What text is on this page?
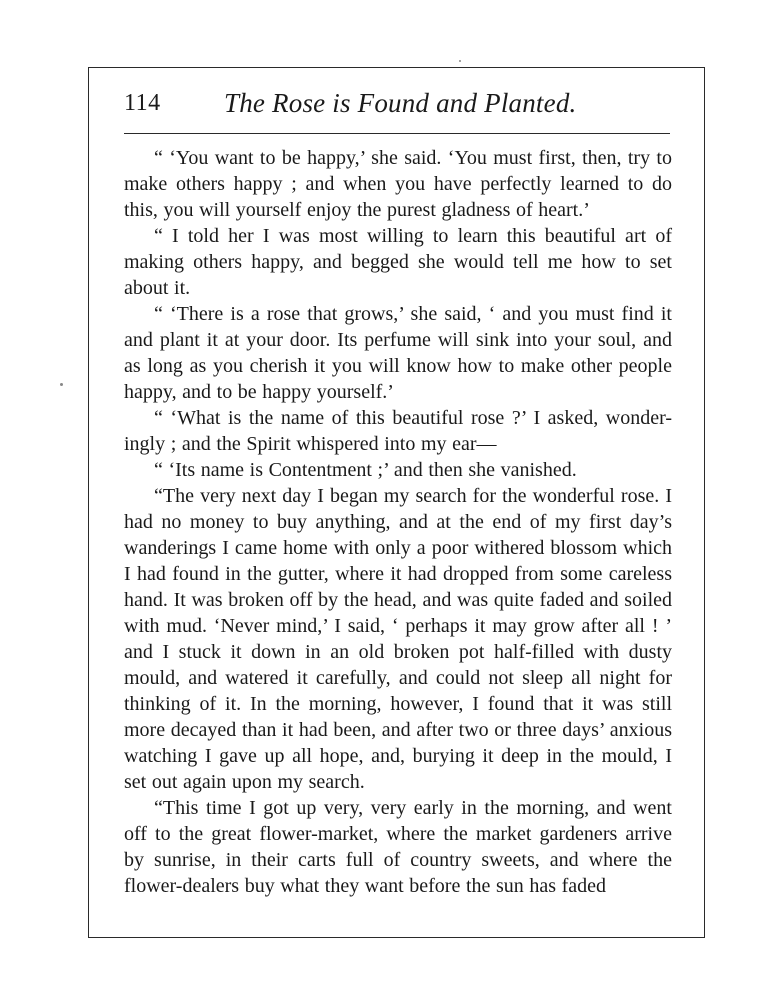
114 The Rose is Found and Planted.

“ ‘You want to be happy,’ she said. ‘You must first, then, try to make others happy ; and when you have perfectly learned to do this, you will yourself enjoy the purest gladness of heart.’

“ I told her I was most willing to learn this beautiful art of making others happy, and begged she would tell me how to set about it.

“ ‘There is a rose that grows,’ she said, ‘ and you must find it and plant it at your door. Its perfume will sink into your soul, and as long as you cherish it you will know how to make other people happy, and to be happy yourself.’

“ ‘What is the name of this beautiful rose ?’ I asked, wonder-ingly ; and the Spirit whispered into my ear—

“ ‘Its name is Contentment ;’ and then she vanished.

“The very next day I began my search for the wonderful rose. I had no money to buy anything, and at the end of my first day’s wanderings I came home with only a poor withered blossom which I had found in the gutter, where it had dropped from some careless hand. It was broken off by the head, and was quite faded and soiled with mud. ‘Never mind,’ I said, ‘ perhaps it may grow after all ! ’ and I stuck it down in an old broken pot half-filled with dusty mould, and watered it carefully, and could not sleep all night for thinking of it. In the morning, however, I found that it was still more decayed than it had been, and after two or three days’ anxious watching I gave up all hope, and, burying it deep in the mould, I set out again upon my search.

“This time I got up very, very early in the morning, and went off to the great flower-market, where the market gardeners arrive by sunrise, in their carts full of country sweets, and where the flower-dealers buy what they want before the sun has faded
